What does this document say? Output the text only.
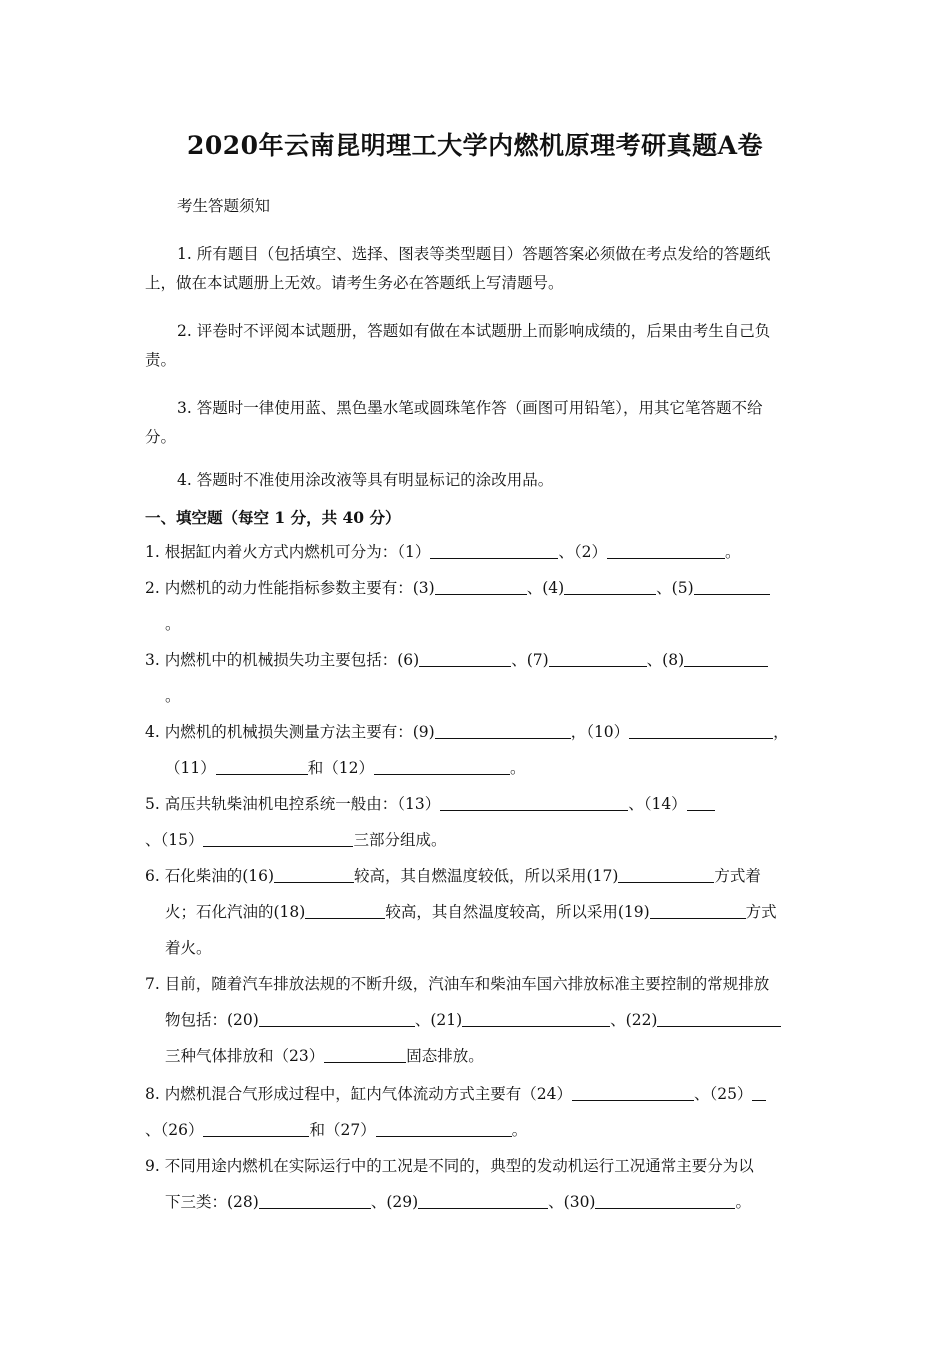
2020年云南昆明理工大学内燃机原理考研真题A卷
考生答题须知
1. 所有题目（包括填空、选择、图表等类型题目）答题答案必须做在考点发给的答题纸
上，做在本试题册上无效。请考生务必在答题纸上写清题号。
2. 评卷时不评阅本试题册，答题如有做在本试题册上而影响成绩的，后果由考生自己负
责。
3. 答题时一律使用蓝、黑色墨水笔或圆珠笔作答（画图可用铅笔），用其它笔答题不给
分。
4. 答题时不准使用涂改液等具有明显标记的涂改用品。
一、填空题（每空 1 分，共 40 分）
1. 根据缸内着火方式内燃机可分为：（1）	、（2）	。
2. 内燃机的动力性能指标参数主要有：(3)	、(4)	、(5)
。
3. 内燃机中的机械损失功主要包括：(6)	、(7)	、(8)
。
4. 内燃机的机械损失测量方法主要有：(9)	，（10）	，
（11）	和（12）	。
5. 高压共轨柴油机电控系统一般由：（13）	、（14）
、（15）	三部分组成。
6. 石化柴油的(16)	较高，其自燃温度较低，所以采用(17)	方式着
火；石化汽油的(18)	较高，其自然温度较高，所以采用(19)	方式
着火。
7. 目前，随着汽车排放法规的不断升级，汽油车和柴油车国六排放标准主要控制的常规排放
物包括：(20)	、(21)	、(22)
三种气体排放和（23）	固态排放。
8. 内燃机混合气形成过程中，缸内气体流动方式主要有（24）	、（25）
、（26）	和（27）	。
9. 不同用途内燃机在实际运行中的工况是不同的，典型的发动机运行工况通常主要分为以
下三类：(28)	、(29)	、(30)	。
